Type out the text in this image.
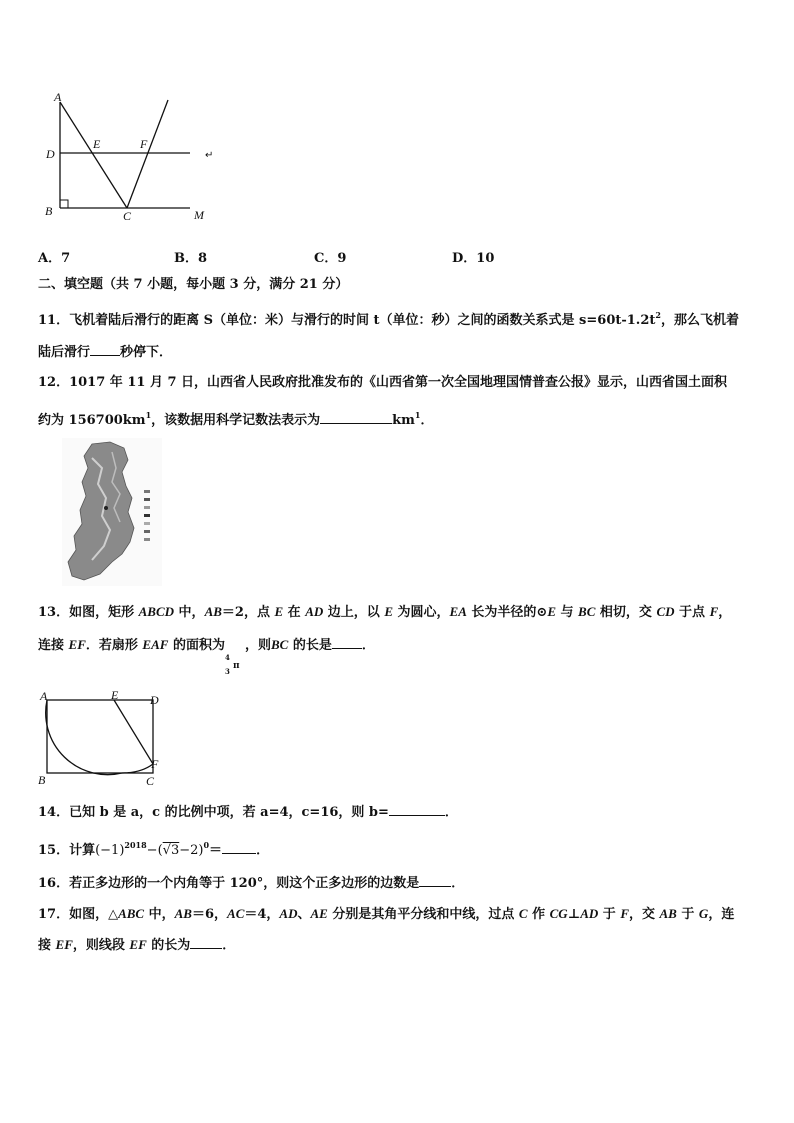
A
D
E	F
B	C	M
↵
A．7	B．8	C．9	D．10
二、填空题（共 7 小题，每小题 3 分，满分 21 分）
11．飞机着陆后滑行的距离 S（单位：米）与滑行的时间 t（单位：秒）之间的函数关系式是 $s=60t-1.2t^2$，那么飞机着
陆后滑行 秒停下．
12．1017 年 11 月 7 日，山西省人民政府批准发布的《山西省第一次全国地理国情普查公报》显示，山西省国土面积
约为 $156700km^1$，该数据用科学记数法表示为	$km^1$．
13．如图，矩形 ABCD 中，AB＝2，点 E 在 AD 边上，以 E 为圆心，EA 长为半径的⊙E 与 BC 相切，交 CD 于点 F，
连接 EF．若扇形 EAF 的面积为
4
3
π
，则BC 的长是 ．
A	E	D
F
B	C
14．已知 b 是 a，c 的比例中项，若 a=4，c=16，则 b=	．
15．计算$(-1)^{2018}-(√3-2)^0=$	．
16．若正多边形的一个内角等于 120°，则这个正多边形的边数是 ．
17．如图，△ABC 中，AB＝6，AC＝4，AD、AE 分别是其角平分线和中线，过点 C 作 CG⊥AD 于 F，交 AB 于 G，连
接 EF，则线段 EF 的长为 ．
